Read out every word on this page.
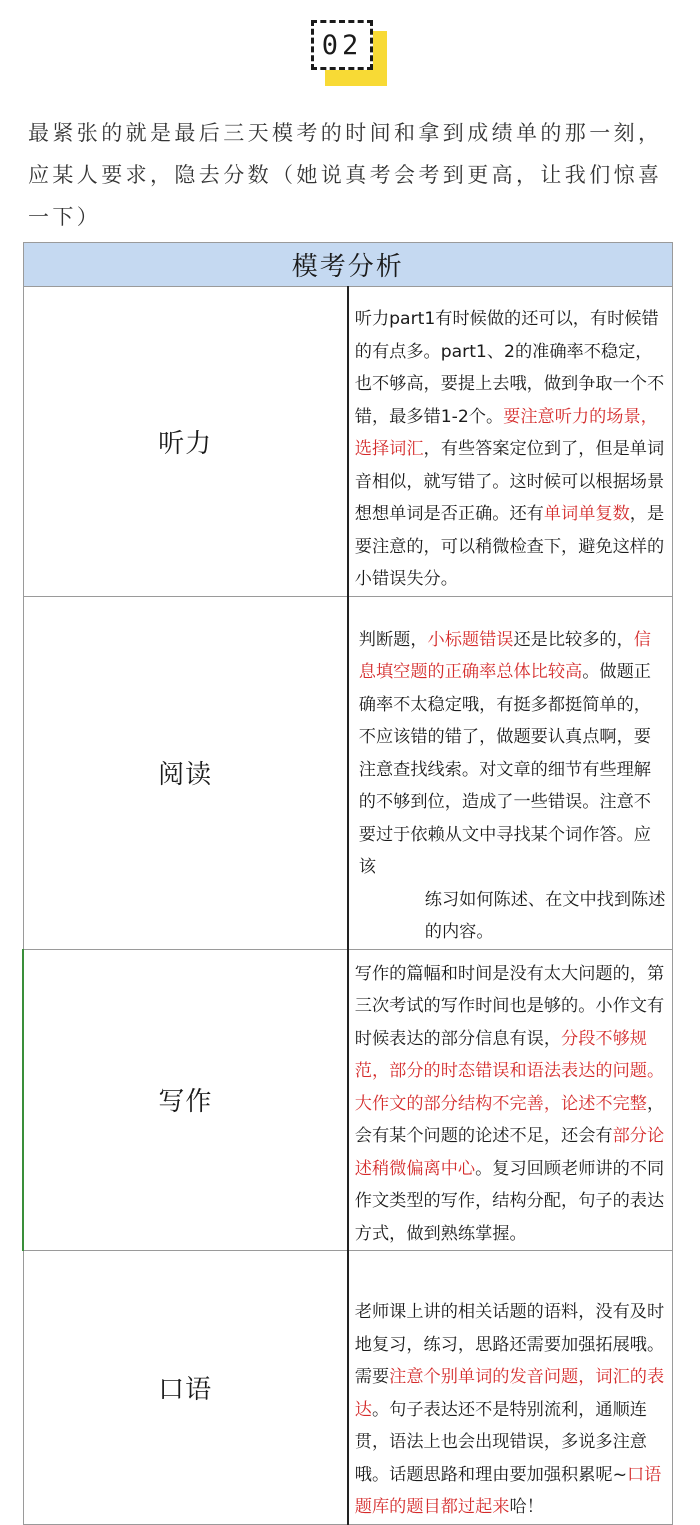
02
最紧张的就是最后三天模考的时间和拿到成绩单的那一刻，应某人要求，隐去分数（她说真考会考到更高，让我们惊喜一下）
模考分析	
听力	听力part1有时候做的还可以，有时候错的有点多。part1、2的准确率不稳定，也不够高，要提上去哦，做到争取一个不错，最多错1-2个。要注意听力的场景，选择词汇，有些答案定位到了，但是单词音相似，就写错了。这时候可以根据场景想想单词是否正确。还有单词单复数，是要注意的，可以稍微检查下，避免这样的小错误失分。

阅读	判断题，小标题错误还是比较多的，信息填空题的正确率总体比较高。做题正确率不太稳定哦，有挺多都挺简单的，不应该错的错了，做题要认真点啊，要注意查找线索。对文章的细节有些理解的不够到位，造成了一些错误。注意不要过于依赖从文中寻找某个词作答。应该
练习如何陈述、在文中找到陈述的内容。

写作	写作的篇幅和时间是没有太大问题的，第三次考试的写作时间也是够的。小作文有时候表达的部分信息有误，分段不够规范，部分的时态错误和语法表达的问题。大作文的部分结构不完善，论述不完整，会有某个问题的论述不足，还会有部分论述稍微偏离中心。复习回顾老师讲的不同作文类型的写作，结构分配，句子的表达方式，做到熟练掌握。

口语	老师课上讲的相关话题的语料，没有及时地复习，练习，思路还需要加强拓展哦。需要注意个别单词的发音问题，词汇的表达。句子表达还不是特别流利，通顺连贯，语法上也会出现错误，多说多注意哦。话题思路和理由要加强积累呢~口语题库的题目都过起来哈！
